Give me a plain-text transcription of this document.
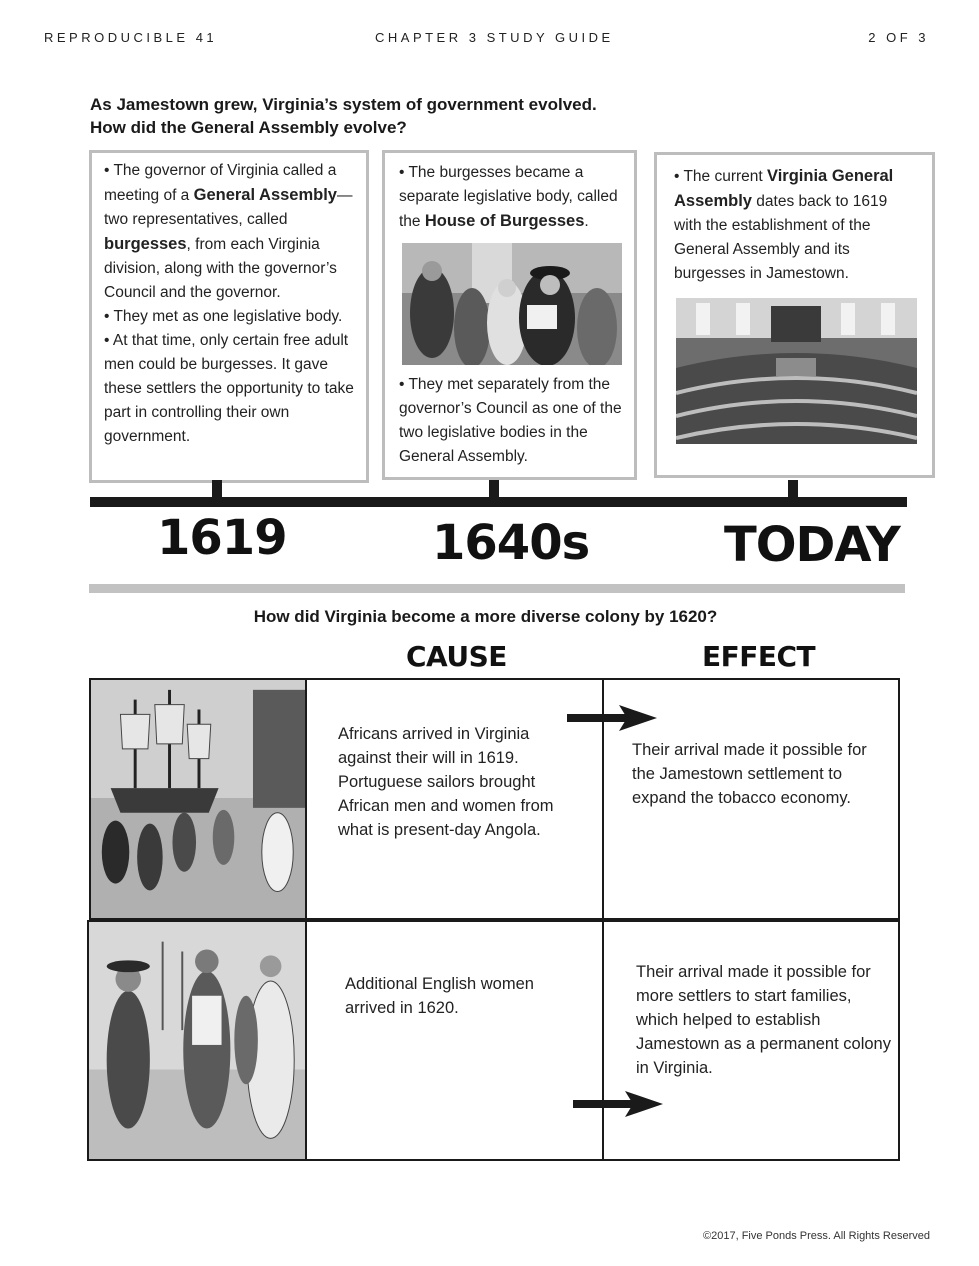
REPRODUCIBLE 41	CHAPTER 3 STUDY GUIDE	2 OF 3
As Jamestown grew, Virginia’s system of government evolved.
How did the General Assembly evolve?

• The governor of Virginia called a meeting of a General Assembly—two representatives, called burgesses, from each Virginia division, along with the governor’s Council and the governor.

• They met as one legislative body.

• At that time, only certain free adult men could be burgesses. It gave these settlers the opportunity to take part in controlling their own government.

• The burgesses became a separate legislative body, called the House of Burgesses.

• They met separately from the governor’s Council as one of the two legislative bodies in the General Assembly.

• The current Virginia General Assembly dates back to 1619 with the establishment of the General Assembly and its burgesses in Jamestown.

1619	1640s	TODAY
How did Virginia become a more diverse colony by 1620?
CAUSE	EFFECT
Africans arrived in Virginia against their will in 1619. Portuguese sailors brought African men and women from what is present-day Angola.
Their arrival made it possible for the Jamestown settlement to expand the tobacco economy.
Additional English women arrived in 1620.
Their arrival made it possible for more settlers to start families, which helped to establish Jamestown as a permanent colony in Virginia.
©2017, Five Ponds Press. All Rights Reserved
